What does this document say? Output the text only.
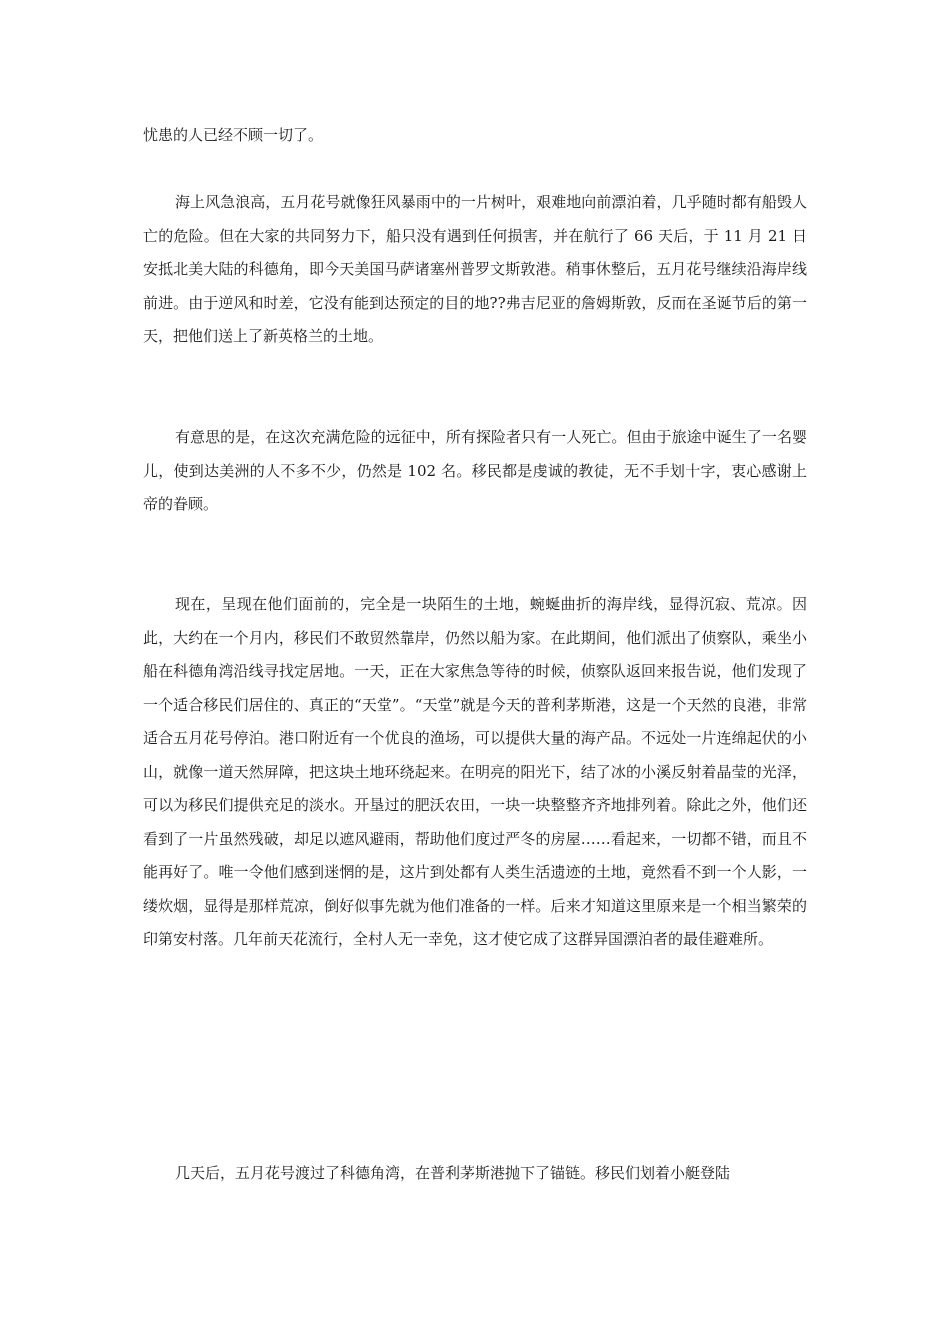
忧患的人已经不顾一切了。

海上风急浪高，五月花号就像狂风暴雨中的一片树叶，艰难地向前漂泊着，几乎随时都有船毁人亡的危险。但在大家的共同努力下，船只没有遇到任何损害，并在航行了 66 天后，于 11 月 21 日安抵北美大陆的科德角，即今天美国马萨诸塞州普罗文斯敦港。稍事休整后，五月花号继续沿海岸线前进。由于逆风和时差，它没有能到达预定的目的地??弗吉尼亚的詹姆斯敦，反而在圣诞节后的第一天，把他们送上了新英格兰的土地。

有意思的是，在这次充满危险的远征中，所有探险者只有一人死亡。但由于旅途中诞生了一名婴儿，使到达美洲的人不多不少，仍然是 102 名。移民都是虔诚的教徒，无不手划十字，衷心感谢上帝的眷顾。

现在，呈现在他们面前的，完全是一块陌生的土地，蜿蜒曲折的海岸线，显得沉寂、荒凉。因此，大约在一个月内，移民们不敢贸然靠岸，仍然以船为家。在此期间，他们派出了侦察队，乘坐小船在科德角湾沿线寻找定居地。一天，正在大家焦急等待的时候，侦察队返回来报告说，他们发现了一个适合移民们居住的、真正的“天堂”。“天堂”就是今天的普利茅斯港，这是一个天然的良港，非常适合五月花号停泊。港口附近有一个优良的渔场，可以提供大量的海产品。不远处一片连绵起伏的小山，就像一道天然屏障，把这块土地环绕起来。在明亮的阳光下，结了冰的小溪反射着晶莹的光泽，可以为移民们提供充足的淡水。开垦过的肥沃农田，一块一块整整齐齐地排列着。除此之外，他们还看到了一片虽然残破，却足以遮风避雨，帮助他们度过严冬的房屋……看起来，一切都不错，而且不能再好了。唯一令他们感到迷惘的是，这片到处都有人类生活遗迹的土地，竟然看不到一个人影，一缕炊烟，显得是那样荒凉，倒好似事先就为他们准备的一样。后来才知道这里原来是一个相当繁荣的印第安村落。几年前天花流行，全村人无一幸免，这才使它成了这群异国漂泊者的最佳避难所。

几天后，五月花号渡过了科德角湾，在普利茅斯港抛下了锚链。移民们划着小艇登陆
